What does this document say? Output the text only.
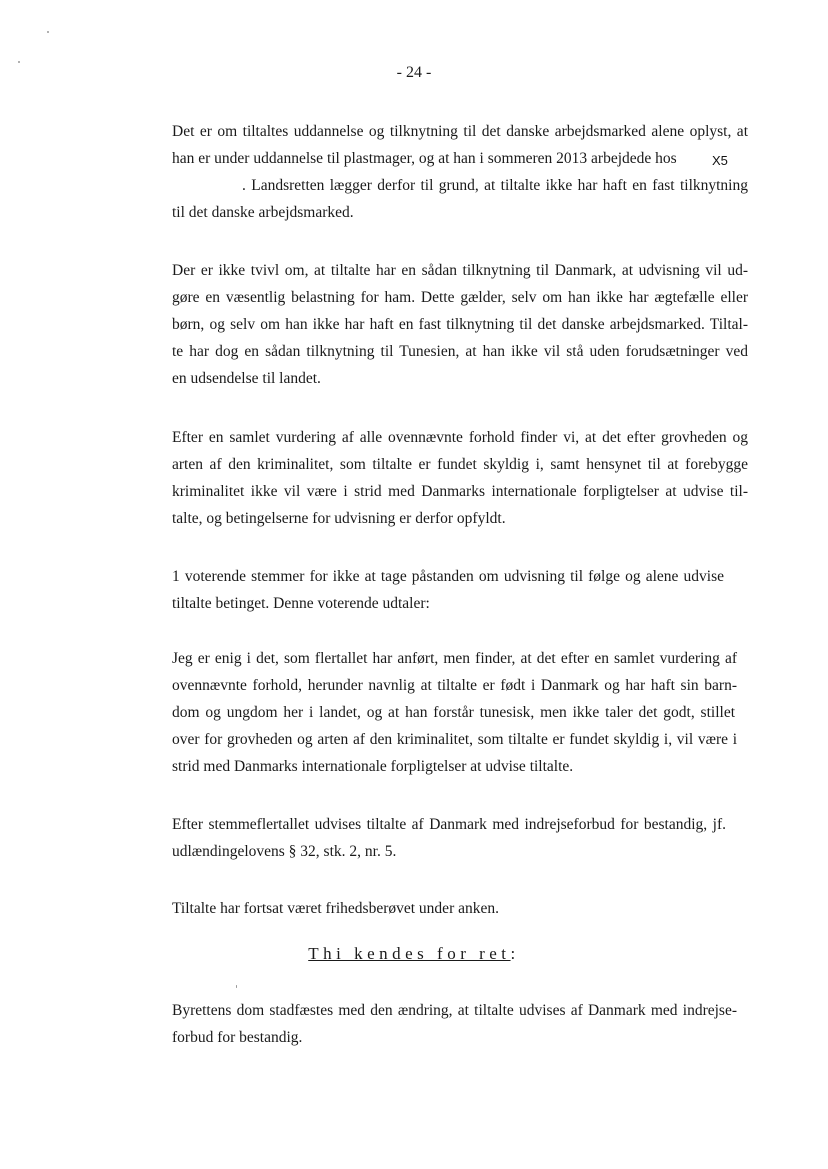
- 24 -
Det er om tiltaltes uddannelse og tilknytning til det danske arbejdsmarked alene oplyst, at
han er under uddannelse til plastmager, og at han i sommeren 2013 arbejdede hos	X5
. Landsretten lægger derfor til grund, at tiltalte ikke har haft en fast tilknytning
til det danske arbejdsmarked.
Der er ikke tvivl om, at tiltalte har en sådan tilknytning til Danmark, at udvisning vil ud-
gøre en væsentlig belastning for ham. Dette gælder, selv om han ikke har ægtefælle eller
børn, og selv om han ikke har haft en fast tilknytning til det danske arbejdsmarked. Tiltal-
te har dog en sådan tilknytning til Tunesien, at han ikke vil stå uden forudsætninger ved
en udsendelse til landet.
Efter en samlet vurdering af alle ovennævnte forhold finder vi, at det efter grovheden og
arten af den kriminalitet, som tiltalte er fundet skyldig i, samt hensynet til at forebygge
kriminalitet ikke vil være i strid med Danmarks internationale forpligtelser at udvise til-
talte, og betingelserne for udvisning er derfor opfyldt.
1 voterende stemmer for ikke at tage påstanden om udvisning til følge og alene udvise
tiltalte betinget. Denne voterende udtaler:
Jeg er enig i det, som flertallet har anført, men finder, at det efter en samlet vurdering af
ovennævnte forhold, herunder navnlig at tiltalte er født i Danmark og har haft sin barn-
dom og ungdom her i landet, og at han forstår tunesisk, men ikke taler det godt, stillet
over for grovheden og arten af den kriminalitet, som tiltalte er fundet skyldig i, vil være i
strid med Danmarks internationale forpligtelser at udvise tiltalte.
Efter stemmeflertallet udvises tiltalte af Danmark med indrejseforbud for bestandig, jf.
udlændingelovens § 32, stk. 2, nr. 5.
Tiltalte har fortsat været frihedsberøvet under anken.
Thi kendes for ret:
Byrettens dom stadfæstes med den ændring, at tiltalte udvises af Danmark med indrejse-
forbud for bestandig.
